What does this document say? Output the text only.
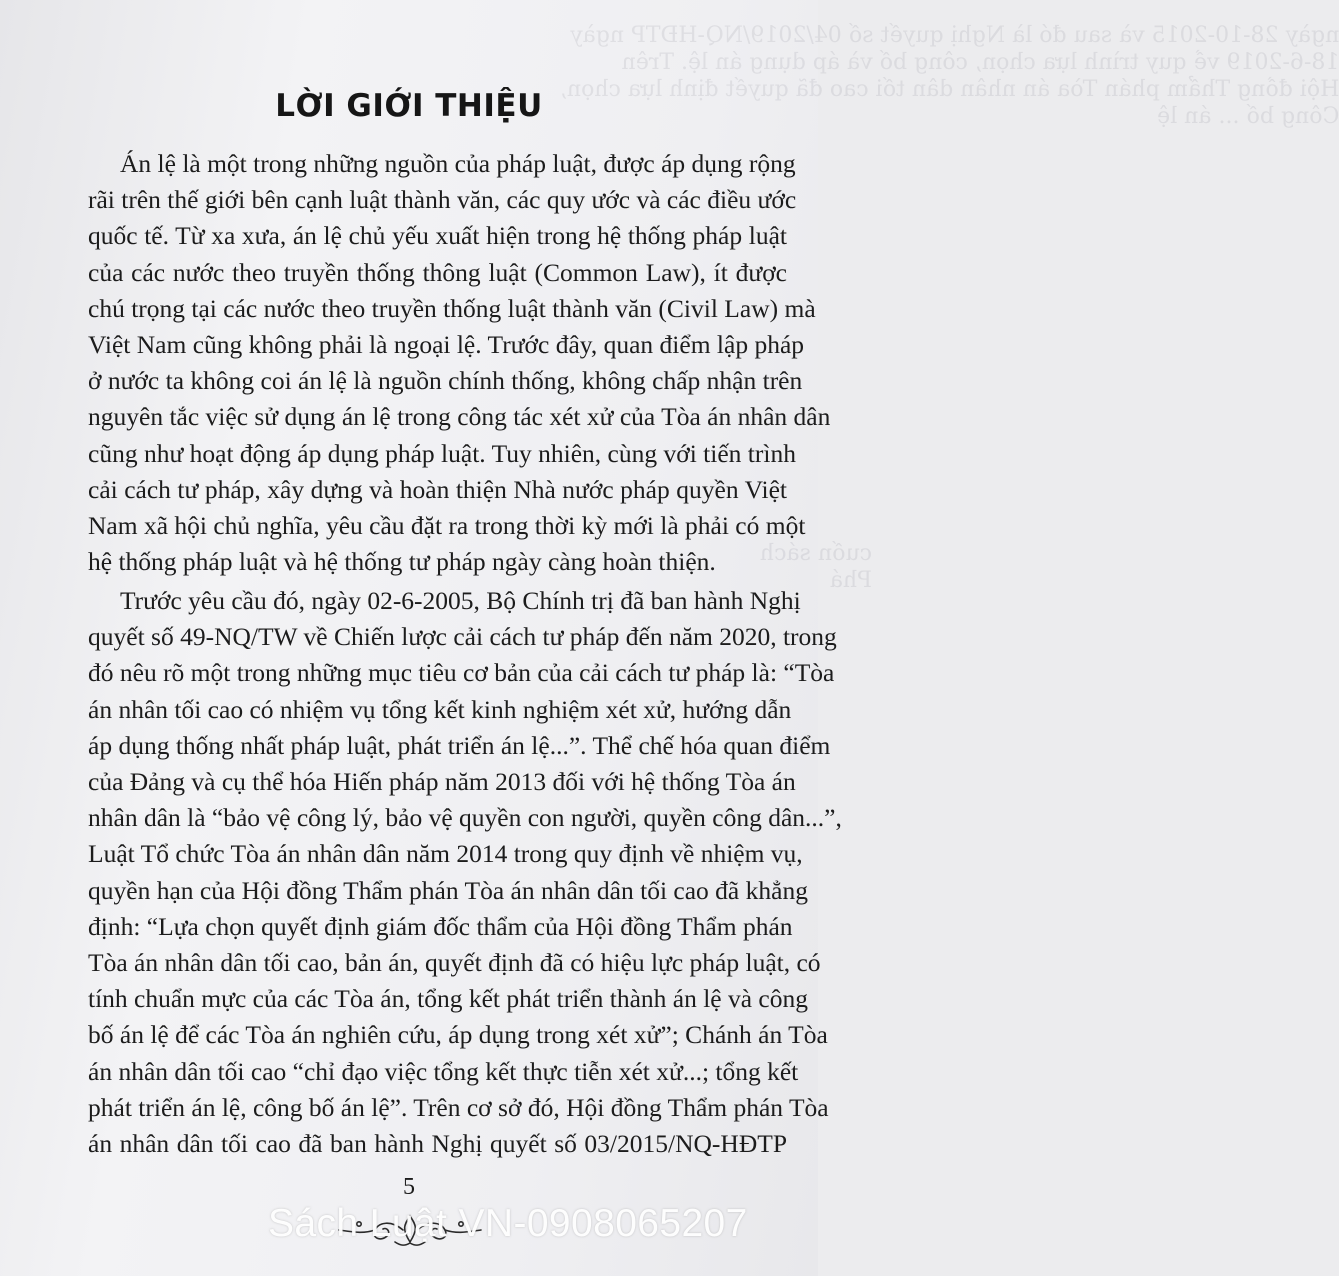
ngày 28-10-2015 và sau đó là Nghị quyết số 04/2019/NQ-HĐTP ngày
18-6-2019 về quy trình lựa chọn, công bố và áp dụng án lệ. Trên
Hội đồng Thẩm phán Tòa án nhân dân tối cao đã quyết định lựa chọn,
Công bố ... án lệ
cuốn sách
Phá
LỜI GIỚI THIỆU
Án lệ là một trong những nguồn của pháp luật, được áp dụng rộng
rãi trên thế giới bên cạnh luật thành văn, các quy ước và các điều ước
quốc tế. Từ xa xưa, án lệ chủ yếu xuất hiện trong hệ thống pháp luật
của các nước theo truyền thống thông luật (Common Law), ít được
chú trọng tại các nước theo truyền thống luật thành văn (Civil Law) mà
Việt Nam cũng không phải là ngoại lệ. Trước đây, quan điểm lập pháp
ở nước ta không coi án lệ là nguồn chính thống, không chấp nhận trên
nguyên tắc việc sử dụng án lệ trong công tác xét xử của Tòa án nhân dân
cũng như hoạt động áp dụng pháp luật. Tuy nhiên, cùng với tiến trình
cải cách tư pháp, xây dựng và hoàn thiện Nhà nước pháp quyền Việt
Nam xã hội chủ nghĩa, yêu cầu đặt ra trong thời kỳ mới là phải có một
hệ thống pháp luật và hệ thống tư pháp ngày càng hoàn thiện.
Trước yêu cầu đó, ngày 02-6-2005, Bộ Chính trị đã ban hành Nghị
quyết số 49-NQ/TW về Chiến lược cải cách tư pháp đến năm 2020, trong
đó nêu rõ một trong những mục tiêu cơ bản của cải cách tư pháp là: “Tòa
án nhân tối cao có nhiệm vụ tổng kết kinh nghiệm xét xử, hướng dẫn
áp dụng thống nhất pháp luật, phát triển án lệ...”. Thể chế hóa quan điểm
của Đảng và cụ thể hóa Hiến pháp năm 2013 đối với hệ thống Tòa án
nhân dân là “bảo vệ công lý, bảo vệ quyền con người, quyền công dân...”,
Luật Tổ chức Tòa án nhân dân năm 2014 trong quy định về nhiệm vụ,
quyền hạn của Hội đồng Thẩm phán Tòa án nhân dân tối cao đã khẳng
định: “Lựa chọn quyết định giám đốc thẩm của Hội đồng Thẩm phán
Tòa án nhân dân tối cao, bản án, quyết định đã có hiệu lực pháp luật, có
tính chuẩn mực của các Tòa án, tổng kết phát triển thành án lệ và công
bố án lệ để các Tòa án nghiên cứu, áp dụng trong xét xử”; Chánh án Tòa
án nhân dân tối cao “chỉ đạo việc tổng kết thực tiễn xét xử...; tổng kết
phát triển án lệ, công bố án lệ”. Trên cơ sở đó, Hội đồng Thẩm phán Tòa
án nhân dân tối cao đã ban hành Nghị quyết số 03/2015/NQ-HĐTP
5
Sách Luật VN-0908065207
